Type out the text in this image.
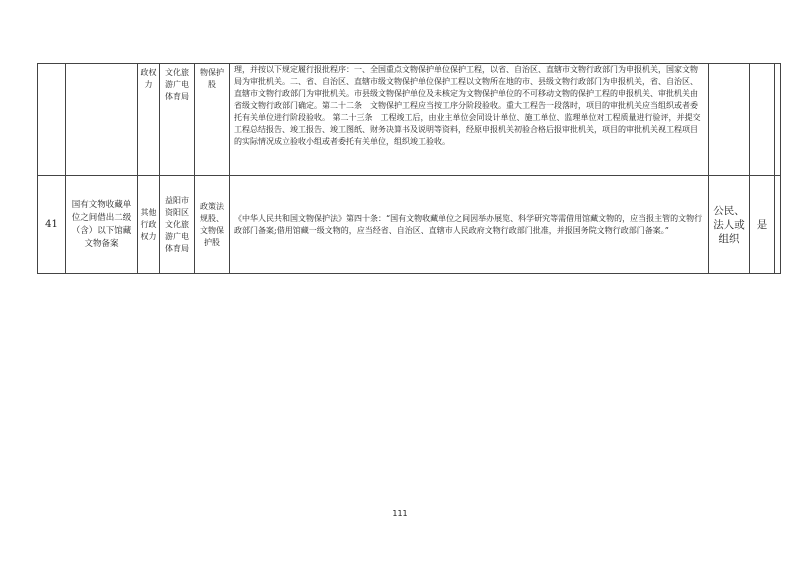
		政权力	文化旅游广电体育局	物保护股	理，并按以下规定履行报批程序：一、全国重点文物保护单位保护工程，以省、自治区、直辖市文物行政部门为申报机关，国家文物局为审批机关。二、省、自治区、直辖市级文物保护单位保护工程以文物所在地的市、县级文物行政部门为申报机关，省、自治区、直辖市文物行政部门为审批机关。市县级文物保护单位及未核定为文物保护单位的不可移动文物的保护工程的申报机关、审批机关由省级文物行政部门确定。第二十二条　文物保护工程应当按工序分阶段验收。重大工程告一段落时，项目的审批机关应当组织或者委托有关单位进行阶段验收。 第二十三条　工程竣工后，由业主单位会同设计单位、施工单位、监理单位对工程质量进行验评，并提交工程总结报告、竣工报告、竣工图纸、财务决算书及说明等资料，经原申报机关初验合格后报审批机关，项目的审批机关视工程项目的实际情况成立验收小组或者委托有关单位，组织竣工验收。			
41	国有文物收藏单位之间借出二级（含）以下馆藏文物备案	其他行政权力	益阳市资阳区文化旅游广电体育局	政策法规股、文物保护股	《中华人民共和国文物保护法》第四十条：“国有文物收藏单位之间因举办展览、科学研究等需借用馆藏文物的，应当报主管的文物行政部门备案;借用馆藏一级文物的，应当经省、自治区、直辖市人民政府文物行政部门批准，并报国务院文物行政部门备案。”	公民、法人或组织	是	
111
